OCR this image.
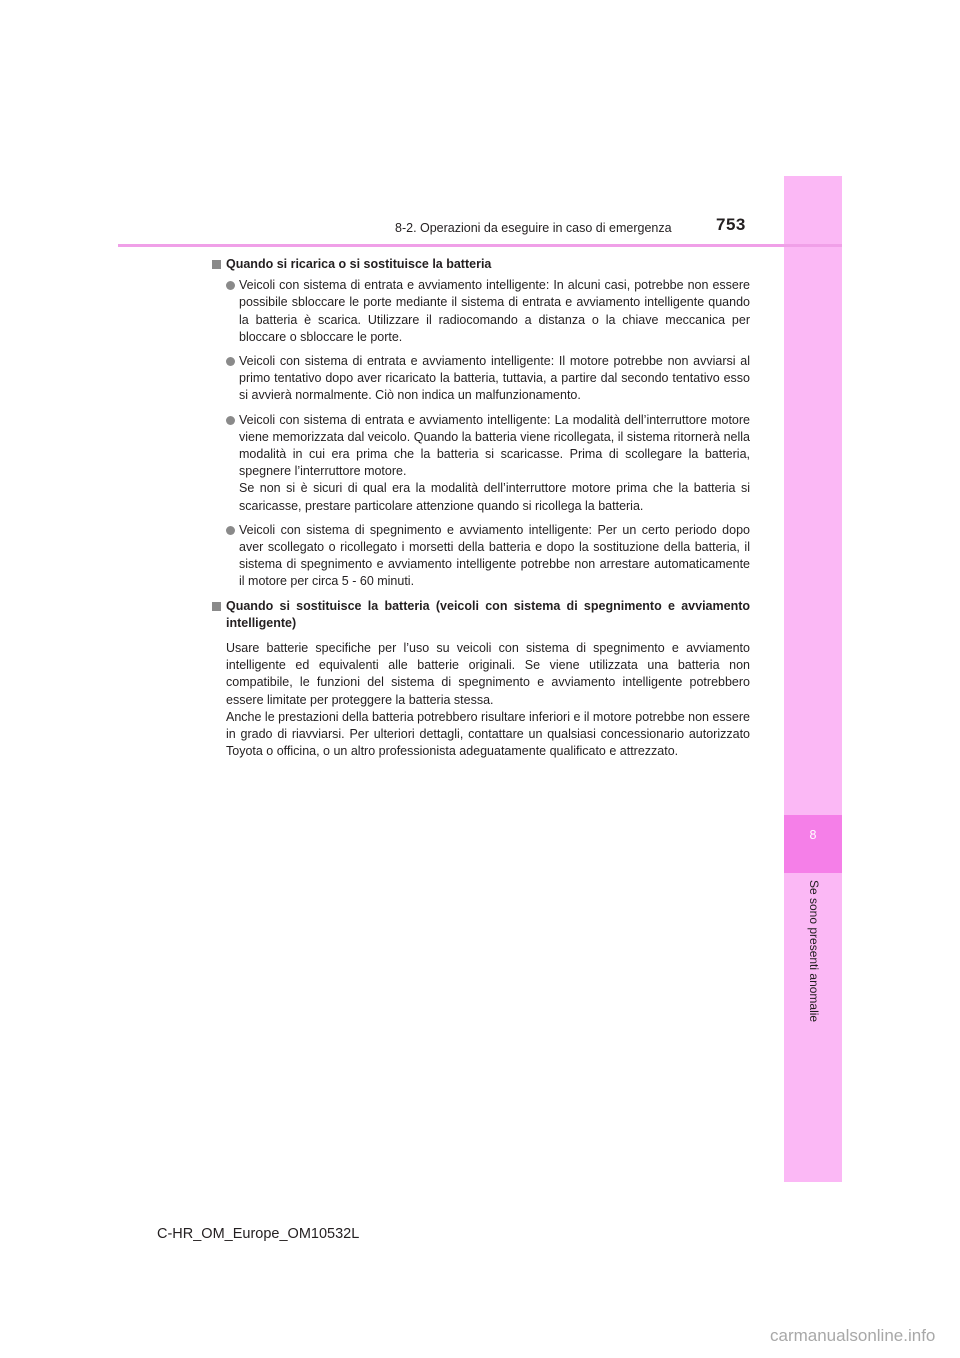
8
Se sono presenti anomalie
8-2. Operazioni da eseguire in caso di emergenza	753
Quando si ricarica o si sostituisce la batteria
Veicoli con sistema di entrata e avviamento intelligente: In alcuni casi, potrebbe non essere possibile sbloccare le porte mediante il sistema di entrata e avviamento intelligente quando la batteria è scarica. Utilizzare il radiocomando a distanza o la chiave meccanica per bloccare o sbloccare le porte.
Veicoli con sistema di entrata e avviamento intelligente: Il motore potrebbe non avviarsi al primo tentativo dopo aver ricaricato la batteria, tuttavia, a partire dal secondo tentativo esso si avvierà normalmente. Ciò non indica un malfunzionamento.
Veicoli con sistema di entrata e avviamento intelligente: La modalità dell’interruttore motore viene memorizzata dal veicolo. Quando la batteria viene ricollegata, il sistema ritornerà nella modalità in cui era prima che la batteria si scaricasse. Prima di scollegare la batteria, spegnere l’interruttore motore.
Se non si è sicuri di qual era la modalità dell’interruttore motore prima che la batteria si scaricasse, prestare particolare attenzione quando si ricollega la batteria.
Veicoli con sistema di spegnimento e avviamento intelligente: Per un certo periodo dopo aver scollegato o ricollegato i morsetti della batteria e dopo la sostituzione della batteria, il sistema di spegnimento e avviamento intelligente potrebbe non arrestare automaticamente il motore per circa 5 - 60 minuti.
Quando si sostituisce la batteria (veicoli con sistema di spegnimento e avviamento intelligente)
Usare batterie specifiche per l’uso su veicoli con sistema di spegnimento e avviamento intelligente ed equivalenti alle batterie originali. Se viene utilizzata una batteria non compatibile, le funzioni del sistema di spegnimento e avviamento intelligente potrebbero essere limitate per proteggere la batteria stessa.
Anche le prestazioni della batteria potrebbero risultare inferiori e il motore potrebbe non essere in grado di riavviarsi. Per ulteriori dettagli, contattare un qualsiasi concessionario autorizzato Toyota o officina, o un altro professionista adeguatamente qualificato e attrezzato.
C-HR_OM_Europe_OM10532L
carmanualsonline.info
